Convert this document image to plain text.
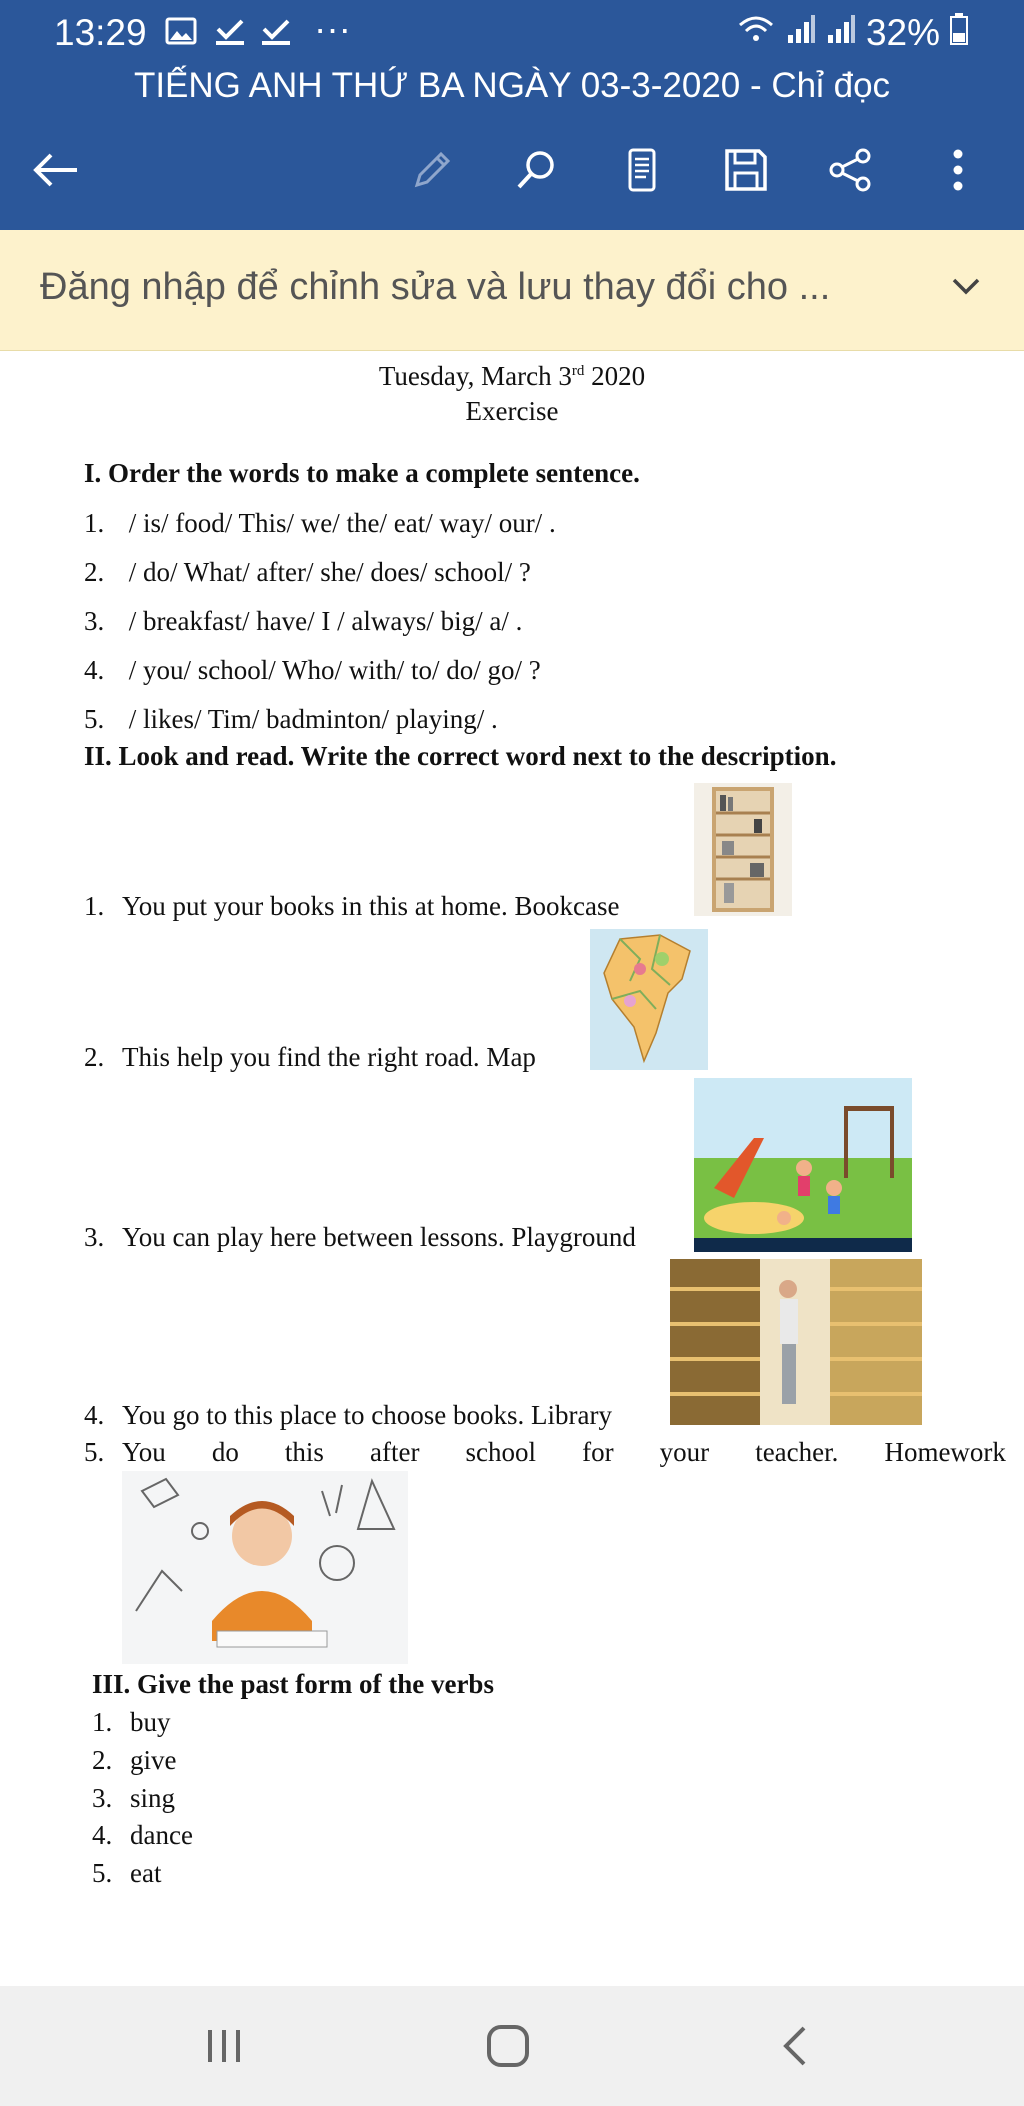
13:29	···	32%
TIẾNG ANH THỨ BA NGÀY 03-3-2020 - Chỉ đọc
Đăng nhập để chỉnh sửa và lưu thay đổi cho ...
Tuesday, March 3rd 2020
Exercise
I. Order the words to make a complete sentence.
1. / is/ food/ This/ we/ the/ eat/ way/ our/ .
2. / do/ What/ after/ she/ does/ school/ ?
3. / breakfast/ have/ I / always/ big/ a/ .
4. / you/ school/ Who/ with/ to/ do/ go/ ?
5. / likes/ Tim/ badminton/ playing/ .
II. Look and read. Write the correct word next to the description.
1. You put your books in this at home. Bookcase
2. This help you find the right road. Map
3. You can play here between lessons. Playground
4. You go to this place to choose books. Library
5. You do this after school for your teacher. Homework
III. Give the past form of the verbs
1. buy
2. give
3. sing
4. dance
5. eat
